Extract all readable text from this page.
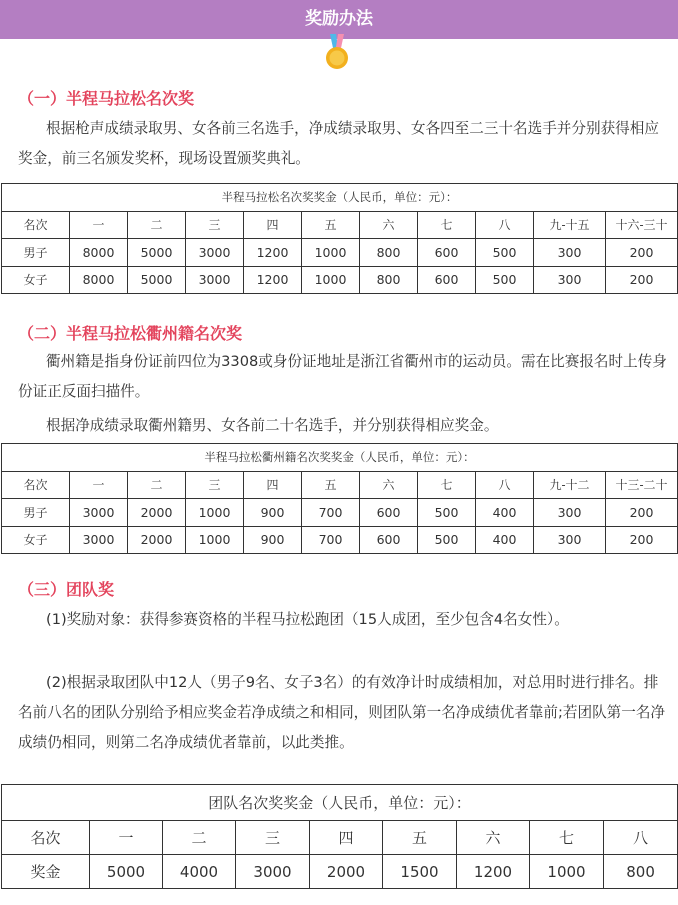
奖励办法
（一）半程马拉松名次奖
根据枪声成绩录取男、女各前三名选手，净成绩录取男、女各四至二三十名选手并分别获得相应奖金，前三名颁发奖杯，现场设置颁奖典礼。
半程马拉松名次奖奖金（人民币，单位：元）：										
名次	一	二	三	四	五	六	七	八	九-十五	十六-三十
男子	8000	5000	3000	1200	1000	800	600	500	300	200
女子	8000	5000	3000	1200	1000	800	600	500	300	200
（二）半程马拉松衢州籍名次奖
衢州籍是指身份证前四位为3308或身份证地址是浙江省衢州市的运动员。需在比赛报名时上传身份证正反面扫描件。
根据净成绩录取衢州籍男、女各前二十名选手，并分别获得相应奖金。
半程马拉松衢州籍名次奖奖金（人民币，单位：元）：										
名次	一	二	三	四	五	六	七	八	九-十二	十三-二十
男子	3000	2000	1000	900	700	600	500	400	300	200
女子	3000	2000	1000	900	700	600	500	400	300	200
（三）团队奖
(1)奖励对象：获得参赛资格的半程马拉松跑团（15人成团，至少包含4名女性）。
(2)根据录取团队中12人（男子9名、女子3名）的有效净计时成绩相加，对总用时进行排名。排名前八名的团队分别给予相应奖金若净成绩之和相同，则团队第一名净成绩优者靠前;若团队第一名净成绩仍相同，则第二名净成绩优者靠前，以此类推。
团队名次奖奖金（人民币，单位：元）：								
名次	一	二	三	四	五	六	七	八
奖金	5000	4000	3000	2000	1500	1200	1000	800
